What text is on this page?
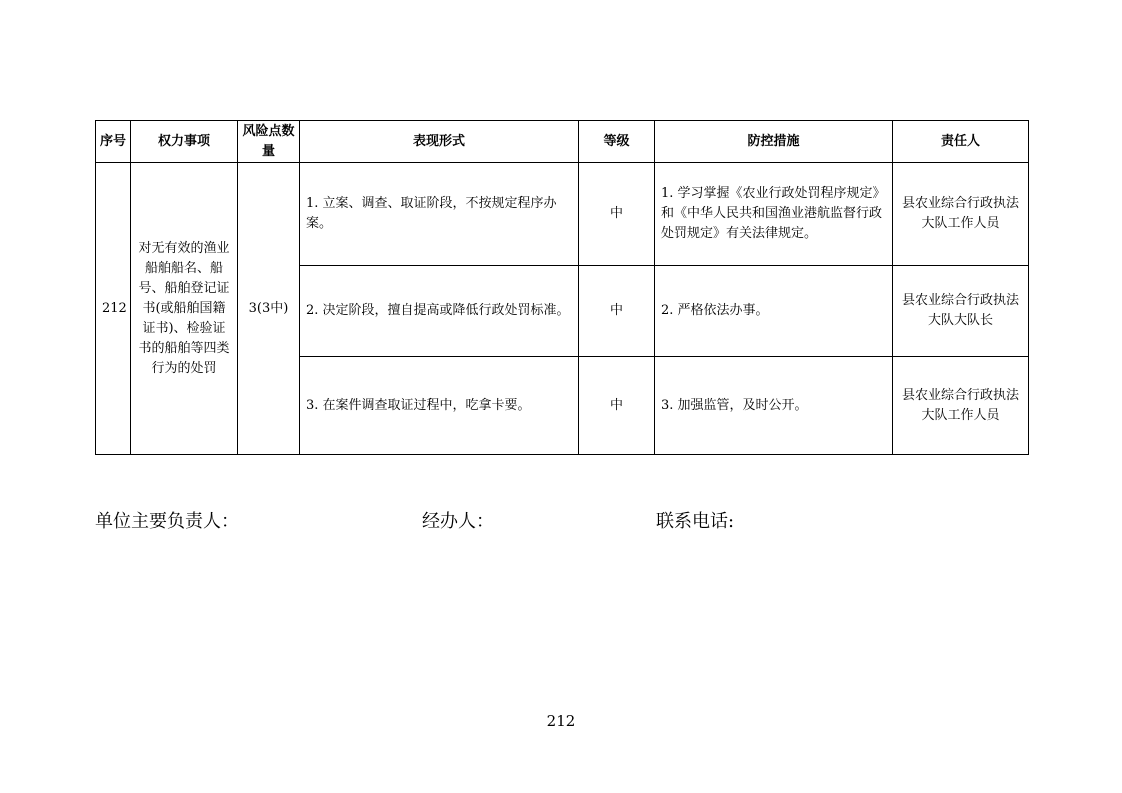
序号	权力事项	风险点数量	表现形式	等级	防控措施	责任人
212	对无有效的渔业船舶船名、船号、船舶登记证书(或船舶国籍证书)、检验证书的船舶等四类行为的处罚	3(3中)	1. 立案、调查、取证阶段，不按规定程序办案。	中	1. 学习掌握《农业行政处罚程序规定》和《中华人民共和国渔业港航监督行政处罚规定》有关法律规定。	县农业综合行政执法大队工作人员
			2. 决定阶段，擅自提高或降低行政处罚标准。	中	2. 严格依法办事。	县农业综合行政执法大队大队长
			3. 在案件调查取证过程中，吃拿卡要。	中	3. 加强监管，及时公开。	县农业综合行政执法大队工作人员
单位主要负责人：	经办人：	联系电话:
212
